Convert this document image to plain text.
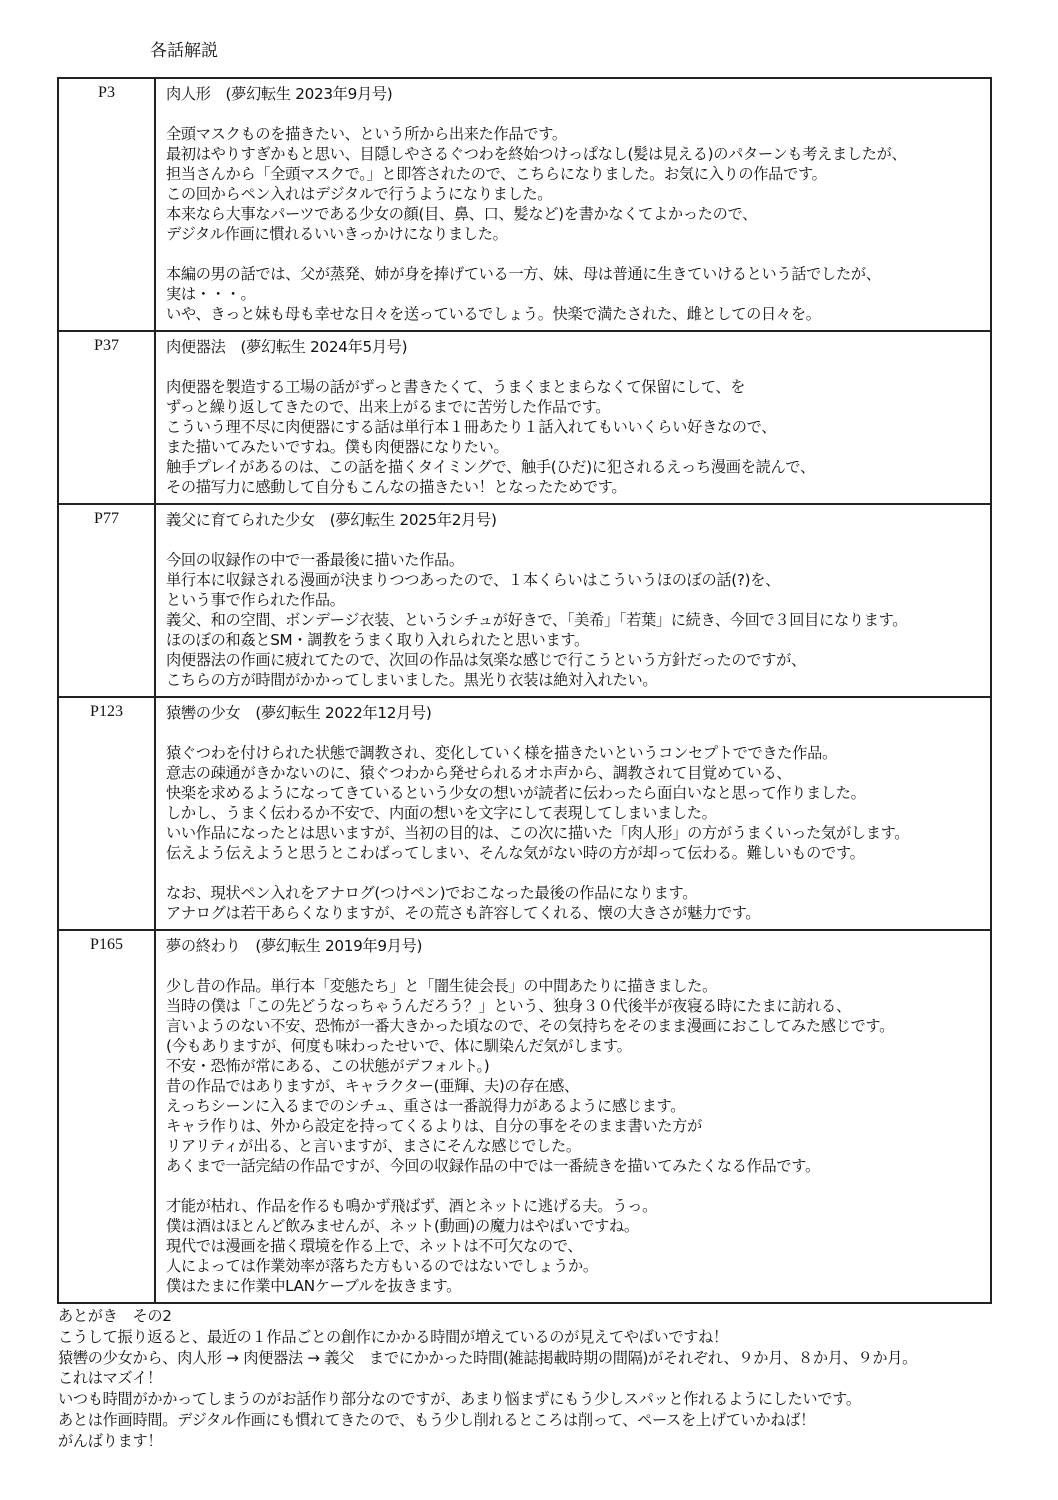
各話解説
P3	肉人形　(夢幻転生 2023年9月号)
全頭マスクものを描きたい、という所から出来た作品です。
最初はやりすぎかもと思い、目隠しやさるぐつわを終始つけっぱなし(髪は見える)のパターンも考えましたが、
担当さんから「全頭マスクで。」と即答されたので、こちらになりました。お気に入りの作品です。
この回からペン入れはデジタルで行うようになりました。
本来なら大事なパーツである少女の顔(目、鼻、口、髪など)を書かなくてよかったので、
デジタル作画に慣れるいいきっかけになりました。
本編の男の話では、父が蒸発、姉が身を捧げている一方、妹、母は普通に生きていけるという話でしたが、
実は・・・。
いや、きっと妹も母も幸せな日々を送っているでしょう。快楽で満たされた、雌としての日々を。
P37	肉便器法　(夢幻転生 2024年5月号)
肉便器を製造する工場の話がずっと書きたくて、うまくまとまらなくて保留にして、を
ずっと繰り返してきたので、出来上がるまでに苦労した作品です。
こういう理不尽に肉便器にする話は単行本１冊あたり１話入れてもいいくらい好きなので、
また描いてみたいですね。僕も肉便器になりたい。
触手プレイがあるのは、この話を描くタイミングで、触手(ひだ)に犯されるえっち漫画を読んで、
その描写力に感動して自分もこんなの描きたい！となったためです。
P77	義父に育てられた少女　(夢幻転生 2025年2月号)
今回の収録作の中で一番最後に描いた作品。
単行本に収録される漫画が決まりつつあったので、１本くらいはこういうほのぼの話(?)を、
という事で作られた作品。
義父、和の空間、ボンデージ衣装、というシチュが好きで、「美希」「若葉」に続き、今回で３回目になります。
ほのぼの和姦とSM・調教をうまく取り入れられたと思います。
肉便器法の作画に疲れてたので、次回の作品は気楽な感じで行こうという方針だったのですが、
こちらの方が時間がかかってしまいました。黒光り衣装は絶対入れたい。
P123	猿轡の少女　(夢幻転生 2022年12月号)
猿ぐつわを付けられた状態で調教され、変化していく様を描きたいというコンセプトでできた作品。
意志の疎通がきかないのに、猿ぐつわから発せられるオホ声から、調教されて目覚めている、
快楽を求めるようになってきているという少女の想いが読者に伝わったら面白いなと思って作りました。
しかし、うまく伝わるか不安で、内面の想いを文字にして表現してしまいました。
いい作品になったとは思いますが、当初の目的は、この次に描いた「肉人形」の方がうまくいった気がします。
伝えよう伝えようと思うとこわばってしまい、そんな気がない時の方が却って伝わる。難しいものです。
なお、現状ペン入れをアナログ(つけペン)でおこなった最後の作品になります。
アナログは若干あらくなりますが、その荒さも許容してくれる、懐の大きさが魅力です。
P165	夢の終わり　(夢幻転生 2019年9月号)
少し昔の作品。単行本「変態たち」と「闇生徒会長」の中間あたりに描きました。
当時の僕は「この先どうなっちゃうんだろう？」という、独身３０代後半が夜寝る時にたまに訪れる、
言いようのない不安、恐怖が一番大きかった頃なので、その気持ちをそのまま漫画におこしてみた感じです。
(今もありますが、何度も味わったせいで、体に馴染んだ気がします。
不安・恐怖が常にある、この状態がデフォルト。)
昔の作品ではありますが、キャラクター(亜輝、夫)の存在感、
えっちシーンに入るまでのシチュ、重さは一番説得力があるように感じます。
キャラ作りは、外から設定を持ってくるよりは、自分の事をそのまま書いた方が
リアリティが出る、と言いますが、まさにそんな感じでした。
あくまで一話完結の作品ですが、今回の収録作品の中では一番続きを描いてみたくなる作品です。
才能が枯れ、作品を作るも鳴かず飛ばず、酒とネットに逃げる夫。うっ。
僕は酒はほとんど飲みませんが、ネット(動画)の魔力はやばいですね。
現代では漫画を描く環境を作る上で、ネットは不可欠なので、
人によっては作業効率が落ちた方もいるのではないでしょうか。
僕はたまに作業中LANケーブルを抜きます。
あとがき　その2
こうして振り返ると、最近の１作品ごとの創作にかかる時間が増えているのが見えてやばいですね！
猿轡の少女から、肉人形 → 肉便器法 → 義父　までにかかった時間(雑誌掲載時期の間隔)がそれぞれ、９か月、８か月、９か月。
これはマズイ！
いつも時間がかかってしまうのがお話作り部分なのですが、あまり悩まずにもう少しスパッと作れるようにしたいです。
あとは作画時間。デジタル作画にも慣れてきたので、もう少し削れるところは削って、ペースを上げていかねば！
がんばります！
